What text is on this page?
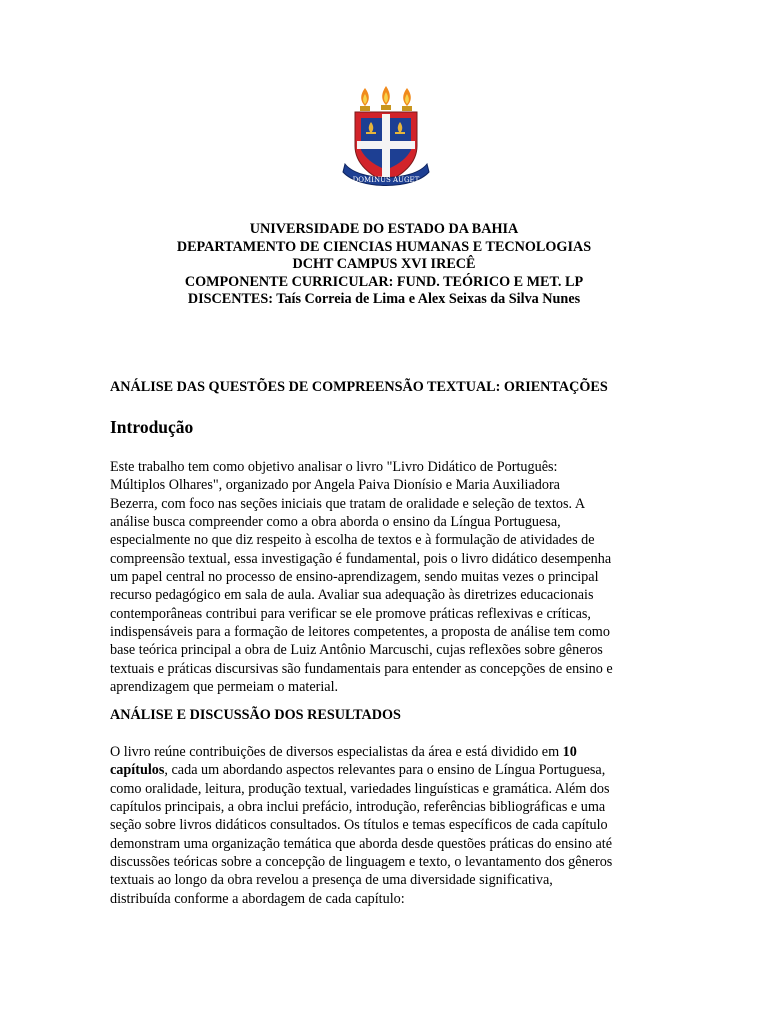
DOMINUS AUGET
UNIVERSIDADE DO ESTADO DA BAHIA
DEPARTAMENTO DE CIENCIAS HUMANAS E TECNOLOGIAS
DCHT CAMPUS XVI IRECÊ
COMPONENTE CURRICULAR: FUND. TEÓRICO E MET. LP
DISCENTES: Taís Correia de Lima e Alex Seixas da Silva Nunes
ANÁLISE DAS QUESTÕES DE COMPREENSÃO TEXTUAL: ORIENTAÇÕES
Introdução
Este trabalho tem como objetivo analisar o livro "Livro Didático de Português:
Múltiplos Olhares", organizado por Angela Paiva Dionísio e Maria Auxiliadora
Bezerra, com foco nas seções iniciais que tratam de oralidade e seleção de textos. A
análise busca compreender como a obra aborda o ensino da Língua Portuguesa,
especialmente no que diz respeito à escolha de textos e à formulação de atividades de
compreensão textual, essa investigação é fundamental, pois o livro didático desempenha
um papel central no processo de ensino-aprendizagem, sendo muitas vezes o principal
recurso pedagógico em sala de aula. Avaliar sua adequação às diretrizes educacionais
contemporâneas contribui para verificar se ele promove práticas reflexivas e críticas,
indispensáveis para a formação de leitores competentes, a proposta de análise tem como
base teórica principal a obra de Luiz Antônio Marcuschi, cujas reflexões sobre gêneros
textuais e práticas discursivas são fundamentais para entender as concepções de ensino e
aprendizagem que permeiam o material.
ANÁLISE E DISCUSSÃO DOS RESULTADOS
O livro reúne contribuições de diversos especialistas da área e está dividido em 10
capítulos, cada um abordando aspectos relevantes para o ensino de Língua Portuguesa,
como oralidade, leitura, produção textual, variedades linguísticas e gramática. Além dos
capítulos principais, a obra inclui prefácio, introdução, referências bibliográficas e uma
seção sobre livros didáticos consultados. Os títulos e temas específicos de cada capítulo
demonstram uma organização temática que aborda desde questões práticas do ensino até
discussões teóricas sobre a concepção de linguagem e texto, o levantamento dos gêneros
textuais ao longo da obra revelou a presença de uma diversidade significativa,
distribuída conforme a abordagem de cada capítulo:
